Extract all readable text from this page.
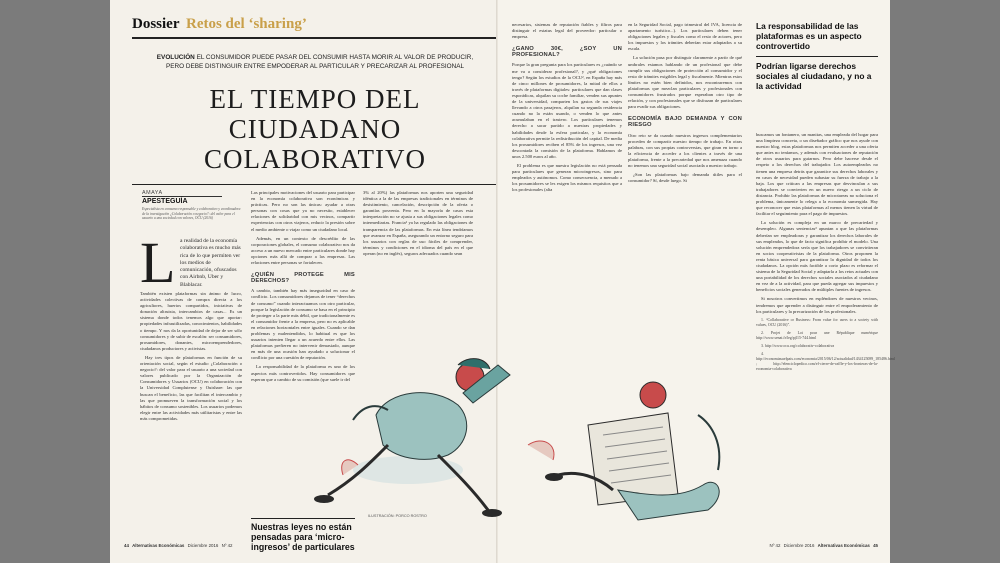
Dossier Retos del ‘sharing’
EVOLUCIÓN EL CONSUMIDOR PUEDE PASAR DEL CONSUMIR HASTA MORIR AL VALOR DE PRODUCIR, PERO DEBE DISTINGUIR ENTRE EMPODERAR AL PARTICULAR Y PRECARIZAR AL PROFESIONAL
EL TIEMPO DEL
CIUDADANO
COLABORATIVO
AMAYA
APESTEGUÍA
Especialista en consumo responsable y colaborativo y coordinadora de la investigación ¿Colaboración o negocio?: del valor para el usuario a una sociedad con valores, OCU (2016)
L a realidad de la economía colaborativa es mucho más rica de lo que permiten ver los medios de comunicación, ofuscados con Airbnb, Uber y Blablacar.

También existen plataformas sin ánimo de lucro, actividades colectivas de compra directa a los agricultores, huertos compartidos, iniciativas de donación altruista, intercambios de casas... Es un sistema donde todos tenemos algo que aportar: propiedades infrautilizadas, conocimientos, habilidades o tiempo. Y nos da la oportunidad de dejar de ser sólo consumidores y de subir de escalón: ser consumidores, prosumidores, donantes, microemprendedores, ciudadanos productores y activistas.

Hay tres tipos de plataformas en función de su orientación social, según el estudio ¿Colaboración o negocio?: del valor para el usuario a una sociedad con valores publicado por la Organización de Consumidores y Usuarios (OCU) en colaboración con la Universidad Complutense y Ouishare: las que buscan el beneficio, las que facilitan el intercambio y las que promueven la transformación social y los hábitos de consumo sostenibles. Los usuarios podemos elegir entre las actividades más utilitaristas y entre las más comprometidas.

Las principales motivaciones del usuario para participar en la economía colaborativa son económicas y prácticas. Pero no son las únicas: ayudar a otras personas con cosas que ya no necesito, establecer relaciones de solidaridad con mis vecinos, compartir experiencias con otros viajeros, reducir la presión sobre el medio ambiente o viajar como un ciudadano local.

Además, en un contexto de descrédito de las corporaciones globales, el consumo colaborativo nos da acceso a un nuevo mercado entre particulares donde hay opciones más allá de comprar a las empresas. Las relaciones entre personas se fortalecen.

¿QUIÉN PROTEGE MIS DERECHOS?

A cambio, también hay más inseguridad en caso de conflicto. Los consumidores dejamos de tener “derechos de consumo” cuando interactuamos con otro particular, porque la legislación de consumo se basa en el principio de proteger a la parte más débil, que tradicionalmente es el consumidor frente a la empresa, pero no es aplicable en relaciones horizontales entre iguales. Cuando se dan problemas y malentendidos, lo habitual es que los usuarios intenten llegar a un acuerdo entre ellos. Las plataformas prefieren no intervenir demasiado, aunque en más de una ocasión han ayudado a solucionar el conflicto por una cuestión de reputación.

La responsabilidad de la plataforma es uno de los aspectos más controvertidos. Hay consumidores que esperan que a cambio de su comisión (que suele ir del

3% al 20%) las plataformas nos aporten una seguridad idéntica a la de las empresas tradicionales en términos de desistimiento, cancelación, descripción de la oferta o garantías posventa. Pero en la mayoría de casos esta interpretación no se ajusta a sus obligaciones legales como intermediarias. Francia¹ ya ha regulado las obligaciones de transparencia de las plataformas. En esta línea tendríamos que avanzar en España, asegurando un entorno seguro para los usuarios con reglas de uso fáciles de comprender, términos y condiciones en el idioma del país en el que operan (no en inglés), seguros adecuados cuando sean

Nuestras leyes no están pensadas para ‘micro-ingresos’ de particulares
44 Alternativas Económicas Diciembre 2016 Nº 42

necesarios, sistemas de reputación fiables y filtros para distinguir el estatus legal del proveedor: particular o empresa.

¿GANO 30€, ¿SOY UN PROFESIONAL?

Porque la gran pregunta para los particulares es ¿cuándo se me va a considerar profesional?, y ¿qué obligaciones tengo? Según los estudios de la OCU², en España hay más de cinco millones de prosumidores, la mitad de ellos a través de plataformas digitales: particulares que dan clases esporádicas, alquilan su coche familiar, venden sus apuntes de la universidad, comparten los gastos de sus viajes llevando a otros pasajeros, alquilan su segunda residencia cuando no la están usando, o venden lo que antes acumulaban en el trastero. Los particulares tenemos derecho a sacar partido a nuestras propiedades y habilidades desde la esfera particular, y la economía colaborativa permite la redistribución del capital. De media los prosumidores reciben el 85% de los ingresos, una vez descontada la comisión de la plataforma. Hablamos de unos 2.500 euros al año.

El problema es que nuestra legislación no está pensada para particulares que generan microingresos, sino para empleados y autónomos. Como consecuencia, a menudo a los prosumidores se les exigen los mismos requisitos que a los profesionales (alta

en la Seguridad Social, pago trimestral del IVA, licencia de apartamento turístico...). Los particulares deben tener obligaciones legales y fiscales como el resto de actores, pero los impuestos y los trámites deberían estar adaptados a su escala.

La solución pasa por distinguir claramente a partir de qué umbrales estamos hablando de un profesional que debe cumplir sus obligaciones de protección al consumidor y el resto de trámites exigibles legal y fiscalmente. Mientras estos límites no estén bien definidos, nos encontraremos con plataformas que mezclan particulares y profesionales con consumidores frustrados porque esperaban otro tipo de relación, y con profesionales que se disfrazan de particulares para evadir sus obligaciones.

ECONOMÍA BAJO DEMANDA Y CON RIESGO

Otro reto se da cuando nuestros ingresos complementarios proceden de compartir nuestro tiempo de trabajo. En otras palabras, con sus propias controversias, que giran en torno a la eficiencia de acceder a los clientes a través de una plataforma, frente a la precariedad que nos amenaza cuando no tenemos una seguridad social asociada a nuestro trabajo.

¿Son las plataformas bajo demanda útiles para el consumidor? Sí, desde luego. Si

ILUSTRACIÓN: PORCO ROSTRO
La responsabilidad de las plataformas es un aspecto controvertido
Podrían ligarse derechos sociales al ciudadano, y no a la actividad

buscamos un fontanero, un manitas, una empleada del hogar para una limpieza concreta, o un diseñador gráfico que nos ayude con nuestro blog, estas plataformas nos permiten acceder a una oferta que antes no teníamos, y además con evaluaciones de reputación de otros usuarios para guiarnos. Pero debe hacerse desde el respeto a los derechos del trabajador. Los autoempleados no tienen una empresa detrás que garantice sus derechos laborales y en casos de necesidad pueden subastar su fuerza de trabajo a la baja. Los que critican a las empresas que desvinculan a sus trabajadores se convierten en un nuevo riesgo a un ciclo de distancia. Prohibir las plataformas de microtareas no soluciona el problema, únicamente lo relega a la economía sumergida. Hay que reconocer que estas plataformas al menos tienen la virtud de facilitar el seguimiento para el pago de impuestos.

La solución es compleja en un marco de precariedad y desempleo. Algunas sentencias³ apuntan a que las plataformas deberían ser empleadoras y garantizar los derechos laborales de sus empleados, lo que de facto significa prohibir el modelo. Una solución emprendedora sería que los trabajadores se convirtieran en socios cooperativistas de la plataforma. Otros proponen la renta básica universal para garantizar la dignidad de todos los ciudadanos. La opción más factible a corto plazo es reformar el sistema de la Seguridad Social y adaptarla a los retos actuales con una portabilidad de los derechos sociales asociados al ciudadano en vez de a la actividad, para que pueda agregar sus impuestos y beneficios sociales generados de múltiples fuentes de ingresos.

Si nosotros convertimos en espléndores de nuestros vecinos, tendremos que aprender a distinguir entre el empoderamiento de los particulares y la precarización de los profesionales.

1. “Collaborative or Business: From value for users to a society with values, OCU (2016)”.

2. Projet de Loi pour une République numérique http://www.senat.fr/leg/pjl15-744.html

3. http://www.ocu.org/colaborativ-colaborativa

4. http://economiasuelpais.com/economia/2015/06/12/actualidad/1434125089_185486.html ; http://elenciclopedico.com/el-cierre-de-raffle-y-los-fronteras-de-la-economia-colaborativa

Nº 42 Diciembre 2016 Alternativas Económicas 45
